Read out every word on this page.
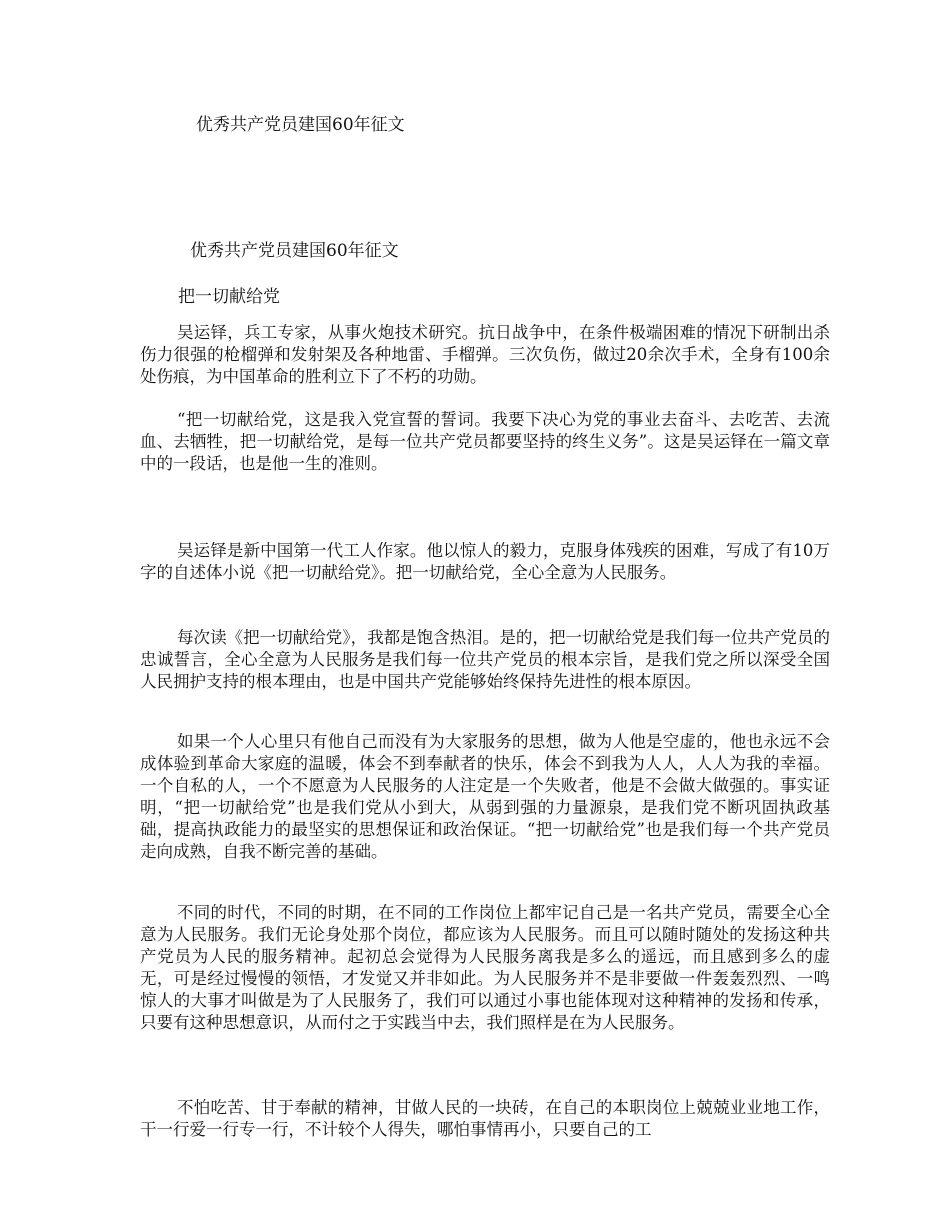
优秀共产党员建国60年征文
优秀共产党员建国60年征文
把一切献给党

吴运铎，兵工专家，从事火炮技术研究。抗日战争中，在条件极端困难的情况下研制出杀伤力很强的枪榴弹和发射架及各种地雷、手榴弹。三次负伤，做过20余次手术，全身有100余处伤痕，为中国革命的胜利立下了不朽的功勋。

“把一切献给党，这是我入党宣誓的誓词。我要下决心为党的事业去奋斗、去吃苦、去流血、去牺牲，把一切献给党，是每一位共产党员都要坚持的终生义务”。这是吴运铎在一篇文章中的一段话，也是他一生的准则。

吴运铎是新中国第一代工人作家。他以惊人的毅力，克服身体残疾的困难，写成了有10万字的自述体小说《把一切献给党》。把一切献给党，全心全意为人民服务。

每次读《把一切献给党》，我都是饱含热泪。是的，把一切献给党是我们每一位共产党员的忠诚誓言，全心全意为人民服务是我们每一位共产党员的根本宗旨，是我们党之所以深受全国人民拥护支持的根本理由，也是中国共产党能够始终保持先进性的根本原因。

如果一个人心里只有他自己而没有为大家服务的思想，做为人他是空虚的，他也永远不会成体验到革命大家庭的温暖，体会不到奉献者的快乐，体会不到我为人人，人人为我的幸福。一个自私的人，一个不愿意为人民服务的人注定是一个失败者，他是不会做大做强的。事实证明，“把一切献给党”也是我们党从小到大，从弱到强的力量源泉，是我们党不断巩固执政基础，提高执政能力的最坚实的思想保证和政治保证。“把一切献给党”也是我们每一个共产党员走向成熟，自我不断完善的基础。

不同的时代，不同的时期，在不同的工作岗位上都牢记自己是一名共产党员，需要全心全意为人民服务。我们无论身处那个岗位，都应该为人民服务。而且可以随时随处的发扬这种共产党员为人民的服务精神。起初总会觉得为人民服务离我是多么的遥远，而且感到多么的虚无，可是经过慢慢的领悟，才发觉又并非如此。为人民服务并不是非要做一件轰轰烈烈、一鸣惊人的大事才叫做是为了人民服务了，我们可以通过小事也能体现对这种精神的发扬和传承，只要有这种思想意识，从而付之于实践当中去，我们照样是在为人民服务。

不怕吃苦、甘于奉献的精神，甘做人民的一块砖，在自己的本职岗位上兢兢业业地工作，干一行爱一行专一行，不计较个人得失，哪怕事情再小，只要自己的工
